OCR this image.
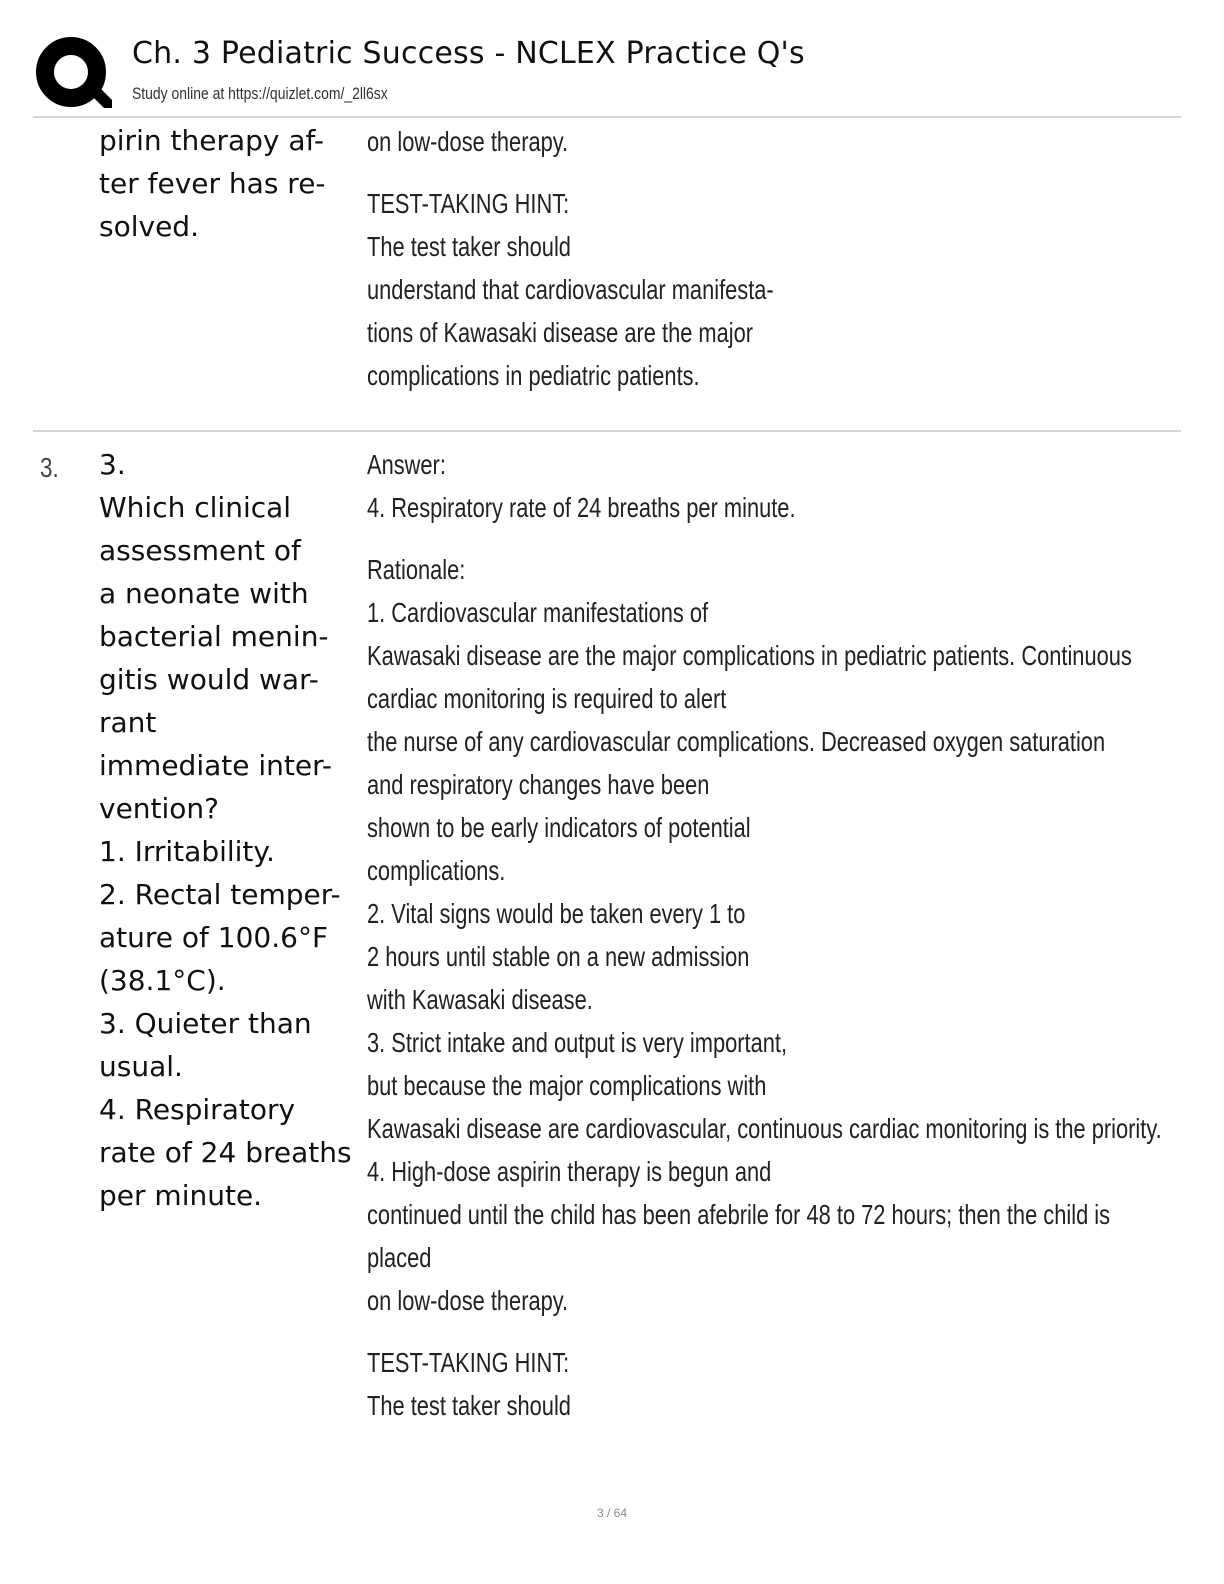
Ch. 3 Pediatric Success - NCLEX Practice Q's
Study online at https://quizlet.com/_2ll6sx
pirin therapy af-
ter fever has re-
solved.
on low-dose therapy.
TEST-TAKING HINT:
The test taker should
understand that cardiovascular manifesta-
tions of Kawasaki disease are the major
complications in pediatric patients.
3. 3.
Which clinical
assessment of
a neonate with
bacterial menin-
gitis would war-
rant
immediate inter-
vention?
1. Irritability.
2. Rectal temper-
ature of 100.6°F
(38.1°C).
3. Quieter than
usual.
4. Respiratory
rate of 24 breaths
per minute.
Answer:
4. Respiratory rate of 24 breaths per minute.
Rationale:
1. Cardiovascular manifestations of
Kawasaki disease are the major complications in pediatric patients. Continuous
cardiac monitoring is required to alert
the nurse of any cardiovascular complications. Decreased oxygen saturation
and respiratory changes have been
shown to be early indicators of potential
complications.
2. Vital signs would be taken every 1 to
2 hours until stable on a new admission
with Kawasaki disease.
3. Strict intake and output is very important,
but because the major complications with
Kawasaki disease are cardiovascular, continuous cardiac monitoring is the priority.
4. High-dose aspirin therapy is begun and
continued until the child has been afebrile for 48 to 72 hours; then the child is
placed
on low-dose therapy.
TEST-TAKING HINT:
The test taker should
3 / 64
